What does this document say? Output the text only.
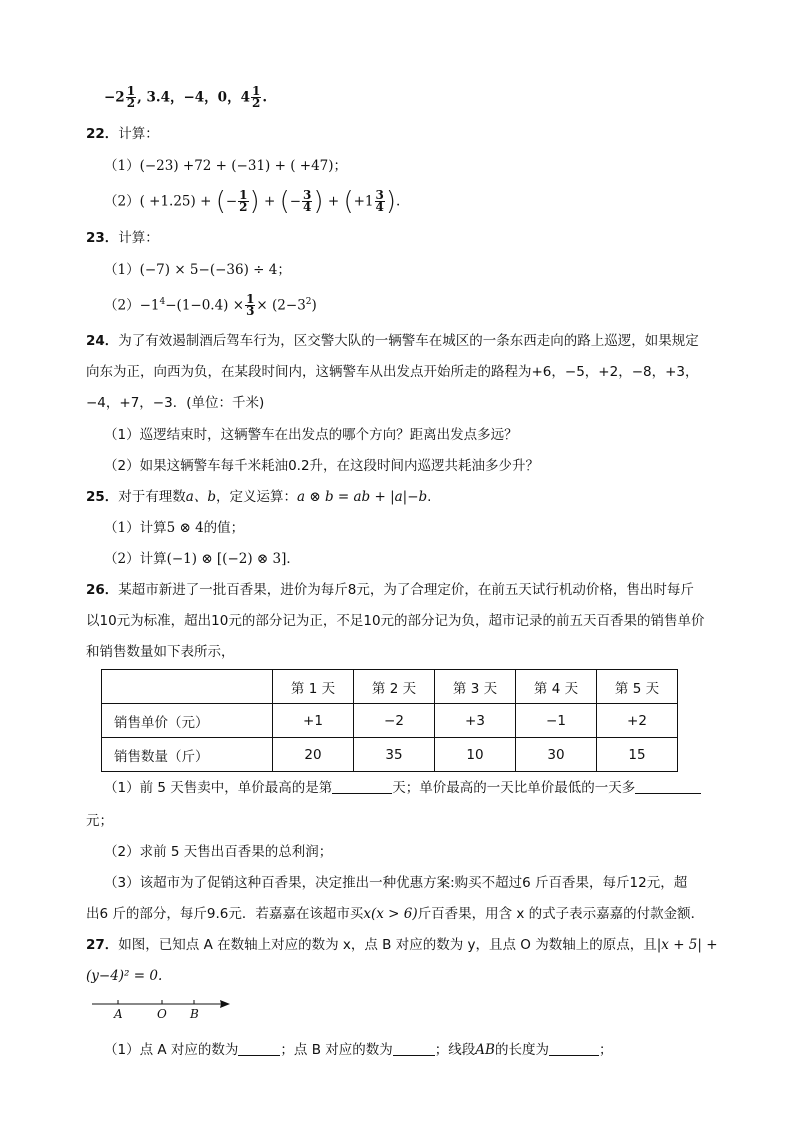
$-2 \frac{1}{2}$ , 3.4，−4，0，$4 \frac{1}{2}$ .
22．计算：
（1）(−23) +72 + (−31) + ( +47)；
（2）( +1.25) + (− $\frac{1}{2}$ ) + (− $\frac{3}{4}$ ) + ($+1 \frac{3}{4}$ ).
23．计算：
（1）(−7) × 5−(−36) ÷ 4；
$(2)-1^4-(1-0.4) \times \frac{1}{3} \times (2-3^2)$
24．为了有效遏制酒后驾车行为，区交警大队的一辆警车在城区的一条东西走向的路上巡逻，如果规定
向东为正，向西为负，在某段时间内，这辆警车从出发点开始所走的路程为+6，−5，+2，−8，+3，
−4，+7，−3．(单位：千米)
（1）巡逻结束时，这辆警车在出发点的哪个方向？距离出发点多远？
（2）如果这辆警车每千米耗油0.2升，在这段时间内巡逻共耗油多少升？
25．对于有理数a、b，定义运算：a ⊗ b = ab + |a|−b.
（1）计算5 ⊗ 4的值；
（2）计算(−1) ⊗ [(−2) ⊗ 3]．
26．某超市新进了一批百香果，进价为每斤8元，为了合理定价，在前五天试行机动价格，售出时每斤
以10元为标准，超出10元的部分记为正，不足10元的部分记为负，超市记录的前五天百香果的销售单价
和销售数量如下表所示，
	第 1 天	第 2 天	第 3 天	第 4 天	第 5 天
销售单价（元）	+1	−2	+3	−1	+2
销售数量（斤）	20	35	10	30	15
（1）前 5 天售卖中，单价最高的是第	天；单价最高的一天比单价最低的一天多
元；
（2）求前 5 天售出百香果的总利润；
（3）该超市为了促销这种百香果，决定推出一种优惠方案:购买不超过6 斤百香果，每斤12元，超
出6 斤的部分，每斤9.6元．若嘉嘉在该超市买x(x > 6)斤百香果，用含 x 的式子表示嘉嘉的付款金额．
27．如图，已知点 A 在数轴上对应的数为 x，点 B 对应的数为 y，且点 O 为数轴上的原点，且|x + 5| +
(y−4)² = 0.
A	O B
（1）点 A 对应的数为	；点 B 对应的数为	；线段AB的长度为	；
